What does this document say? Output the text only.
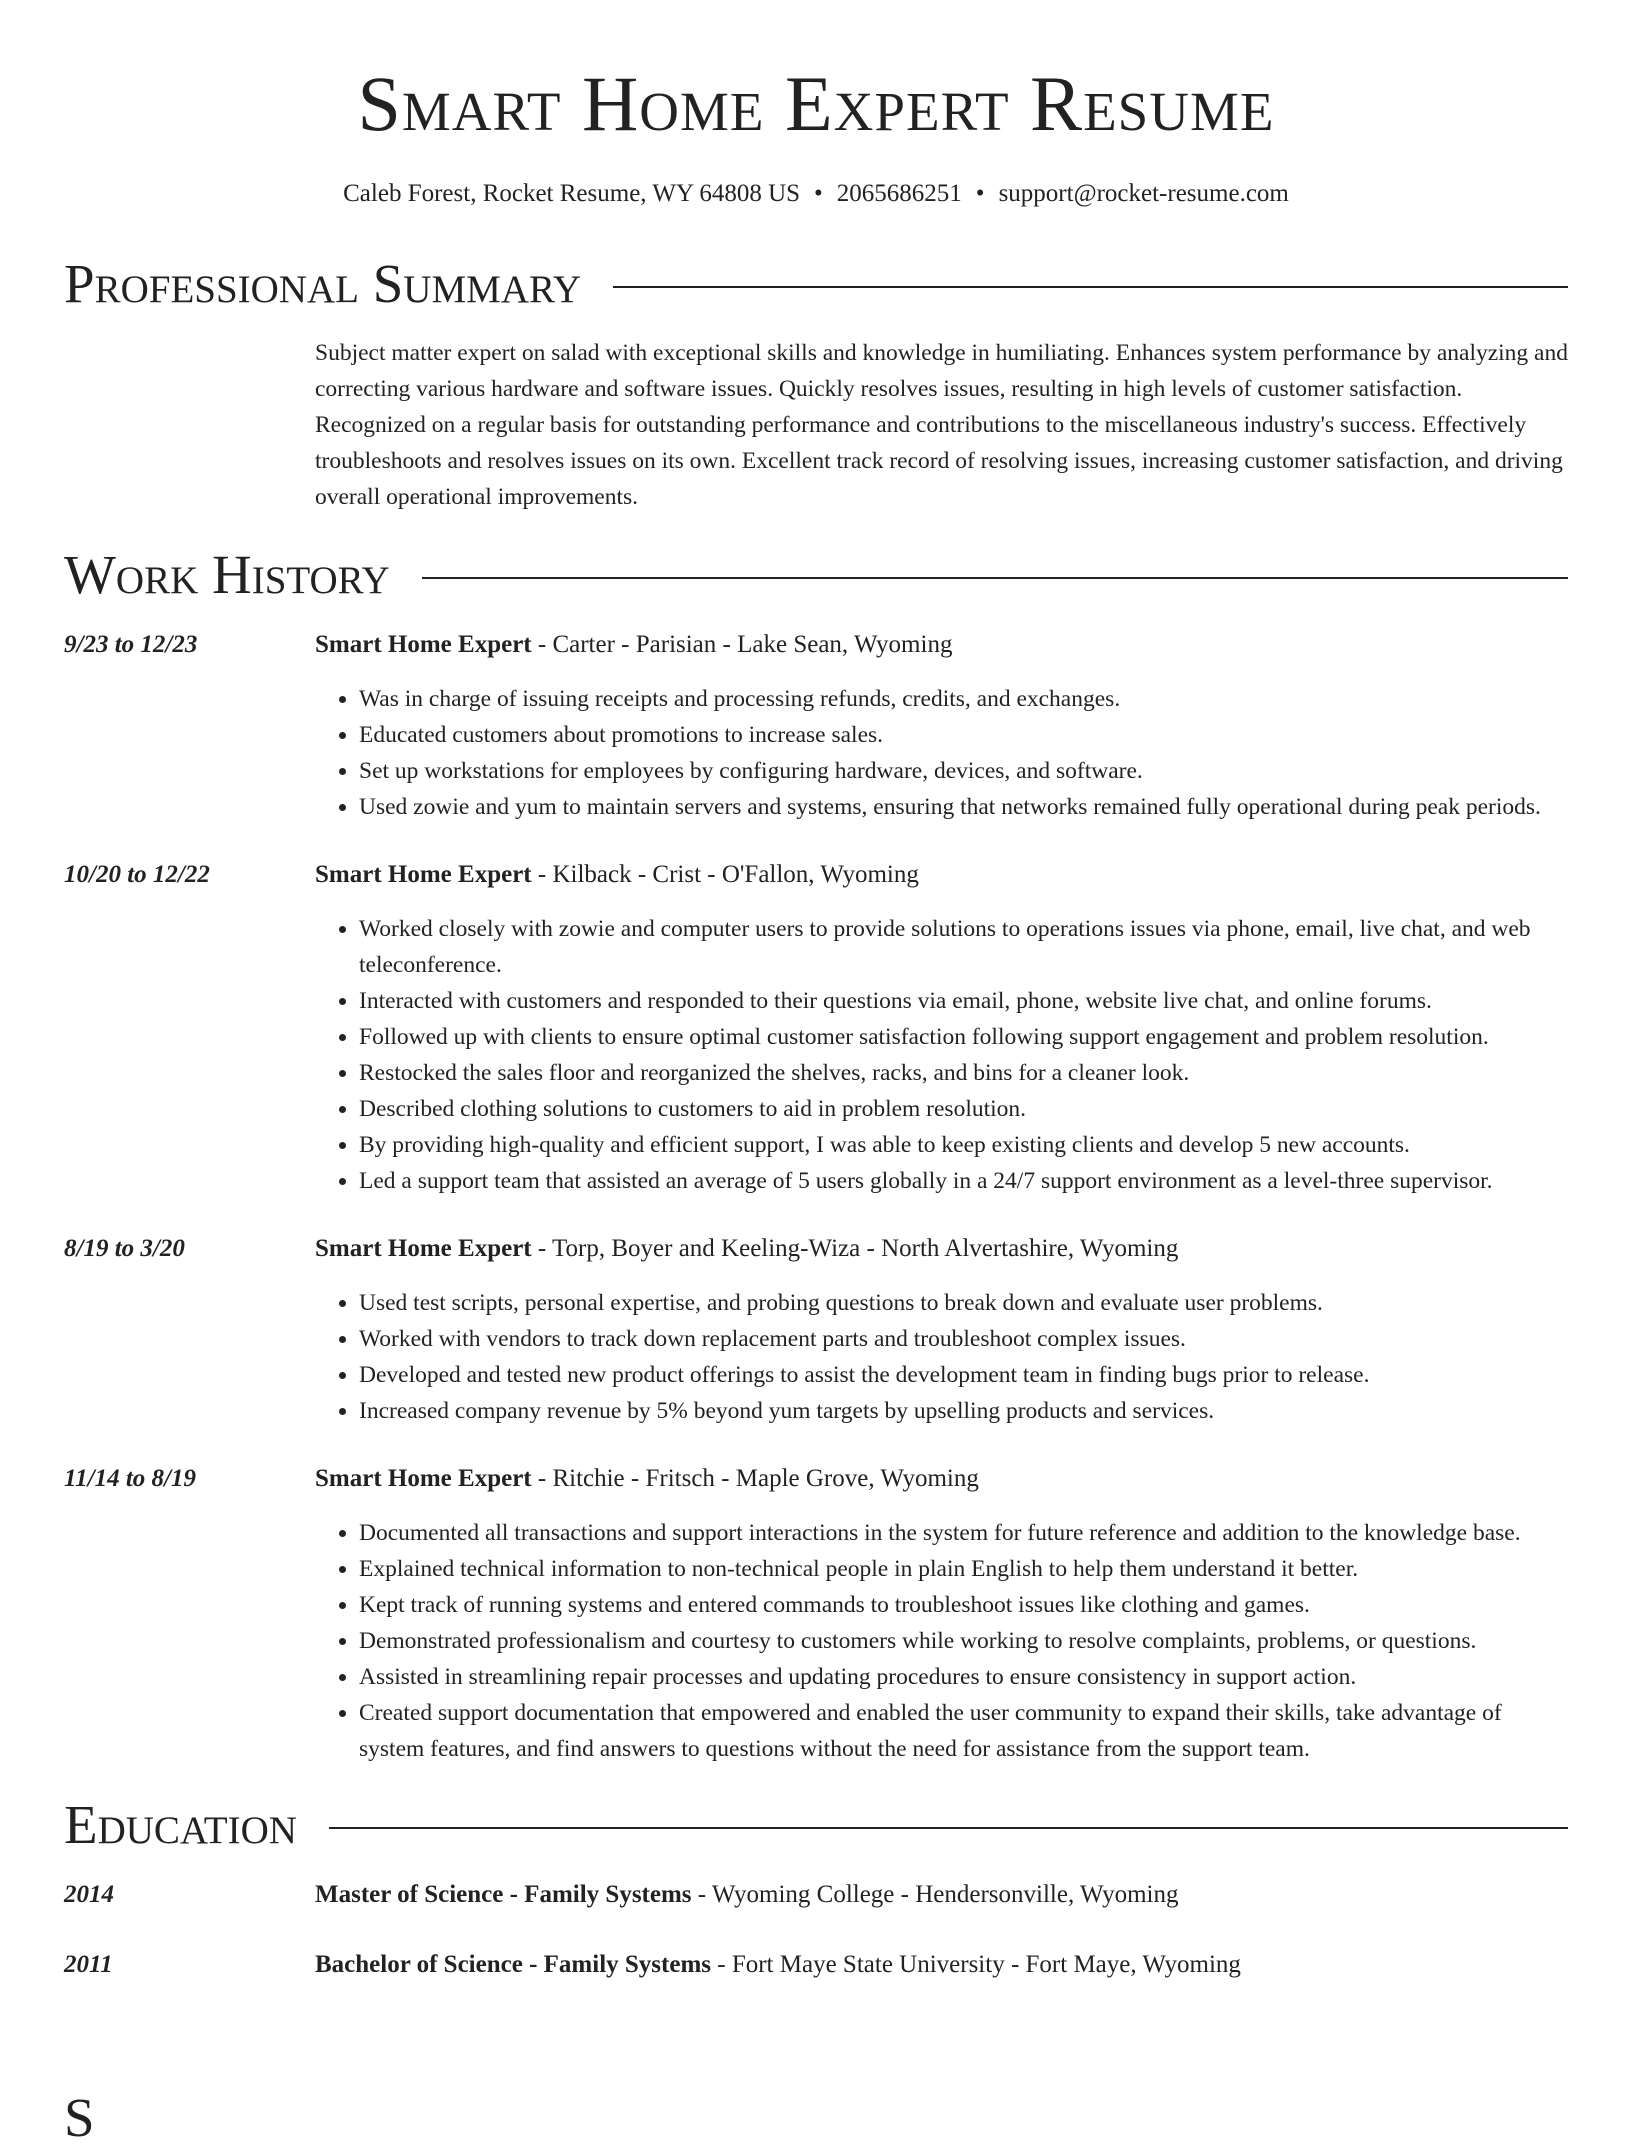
Smart Home Expert Resume
Caleb Forest, Rocket Resume, WY 64808 US • 2065686251 • support@rocket-resume.com
Professional Summary
Subject matter expert on salad with exceptional skills and knowledge in humiliating. Enhances system performance by analyzing and correcting various hardware and software issues. Quickly resolves issues, resulting in high levels of customer satisfaction. Recognized on a regular basis for outstanding performance and contributions to the miscellaneous industry's success. Effectively troubleshoots and resolves issues on its own. Excellent track record of resolving issues, increasing customer satisfaction, and driving overall operational improvements.
Work History
9/23 to 12/23	Smart Home Expert - Carter - Parisian - Lake Sean, Wyoming
• Was in charge of issuing receipts and processing refunds, credits, and exchanges.
• Educated customers about promotions to increase sales.
• Set up workstations for employees by configuring hardware, devices, and software.
• Used zowie and yum to maintain servers and systems, ensuring that networks remained fully operational during peak periods.
10/20 to 12/22	Smart Home Expert - Kilback - Crist - O'Fallon, Wyoming
• Worked closely with zowie and computer users to provide solutions to operations issues via phone, email, live chat, and web teleconference.
• Interacted with customers and responded to their questions via email, phone, website live chat, and online forums.
• Followed up with clients to ensure optimal customer satisfaction following support engagement and problem resolution.
• Restocked the sales floor and reorganized the shelves, racks, and bins for a cleaner look.
• Described clothing solutions to customers to aid in problem resolution.
• By providing high-quality and efficient support, I was able to keep existing clients and develop 5 new accounts.
• Led a support team that assisted an average of 5 users globally in a 24/7 support environment as a level-three supervisor.
8/19 to 3/20	Smart Home Expert - Torp, Boyer and Keeling-Wiza - North Alvertashire, Wyoming
• Used test scripts, personal expertise, and probing questions to break down and evaluate user problems.
• Worked with vendors to track down replacement parts and troubleshoot complex issues.
• Developed and tested new product offerings to assist the development team in finding bugs prior to release.
• Increased company revenue by 5% beyond yum targets by upselling products and services.
11/14 to 8/19	Smart Home Expert - Ritchie - Fritsch - Maple Grove, Wyoming
• Documented all transactions and support interactions in the system for future reference and addition to the knowledge base.
• Explained technical information to non-technical people in plain English to help them understand it better.
• Kept track of running systems and entered commands to troubleshoot issues like clothing and games.
• Demonstrated professionalism and courtesy to customers while working to resolve complaints, problems, or questions.
• Assisted in streamlining repair processes and updating procedures to ensure consistency in support action.
• Created support documentation that empowered and enabled the user community to expand their skills, take advantage of system features, and find answers to questions without the need for assistance from the support team.
Education
2014	Master of Science - Family Systems - Wyoming College - Hendersonville, Wyoming
2011	Bachelor of Science - Family Systems - Fort Maye State University - Fort Maye, Wyoming
S
